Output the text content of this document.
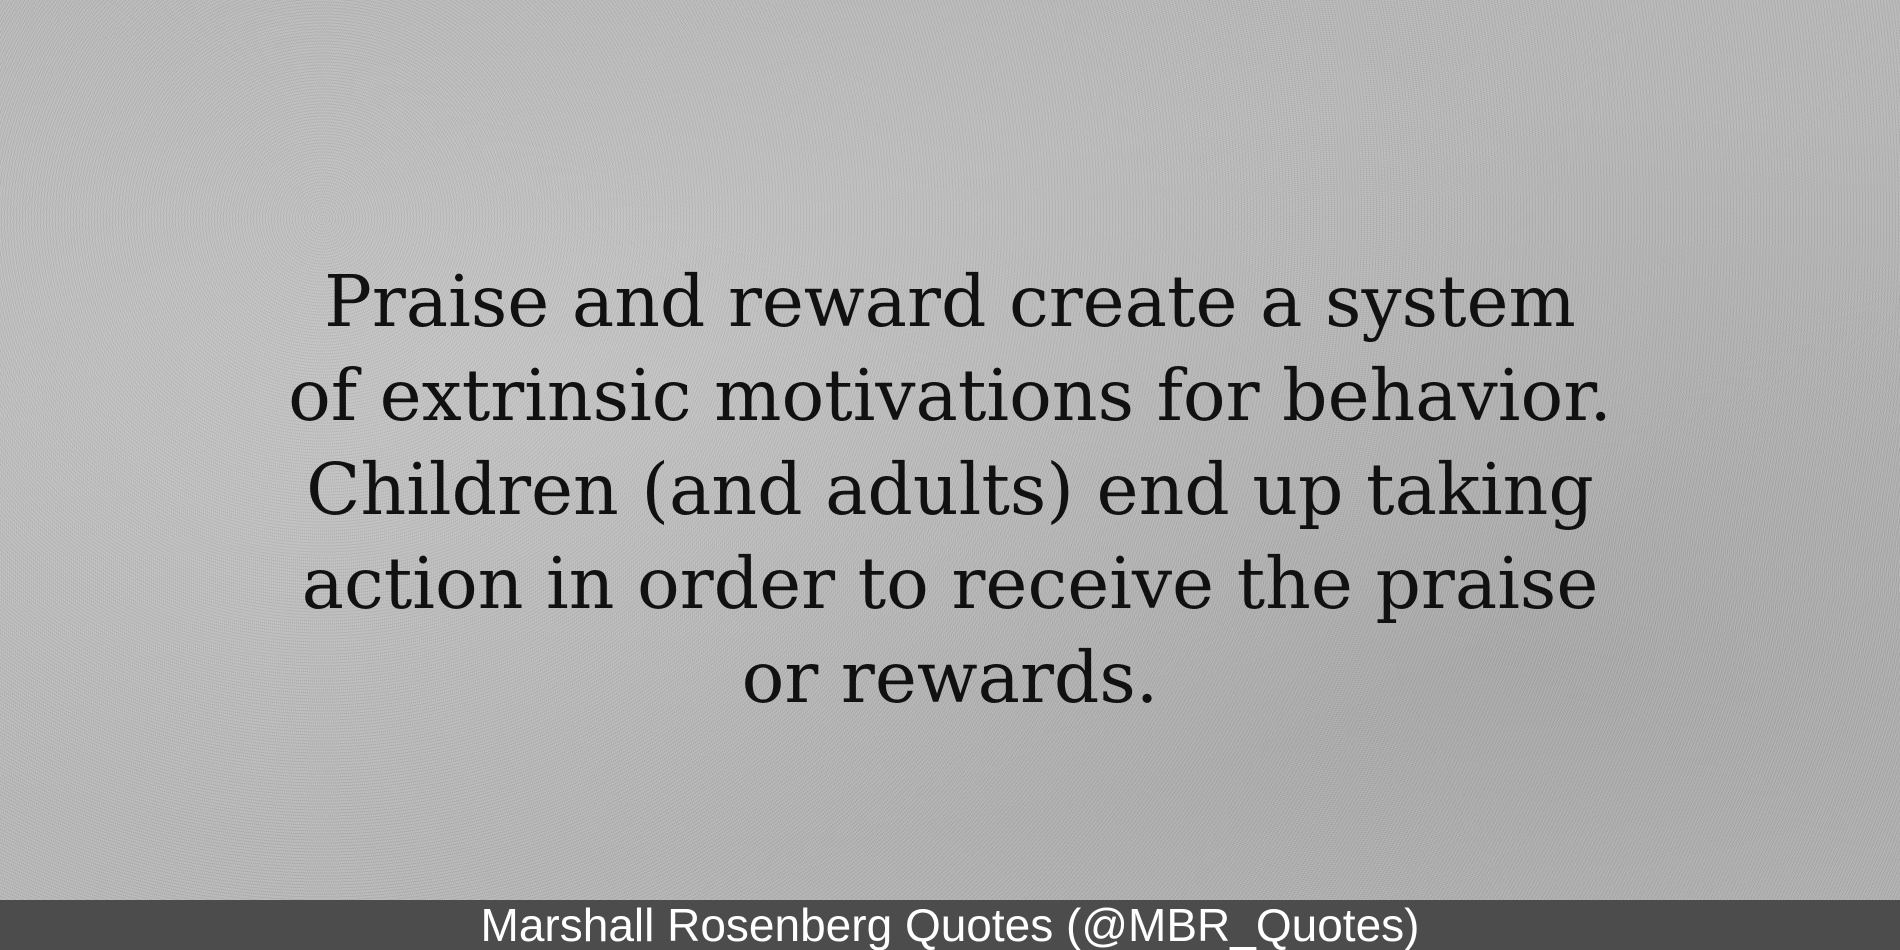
Praise and reward create a system
of extrinsic motivations for behavior.
Children (and adults) end up taking
action in order to receive the praise
or rewards.

Marshall Rosenberg Quotes (@MBR_Quotes)
